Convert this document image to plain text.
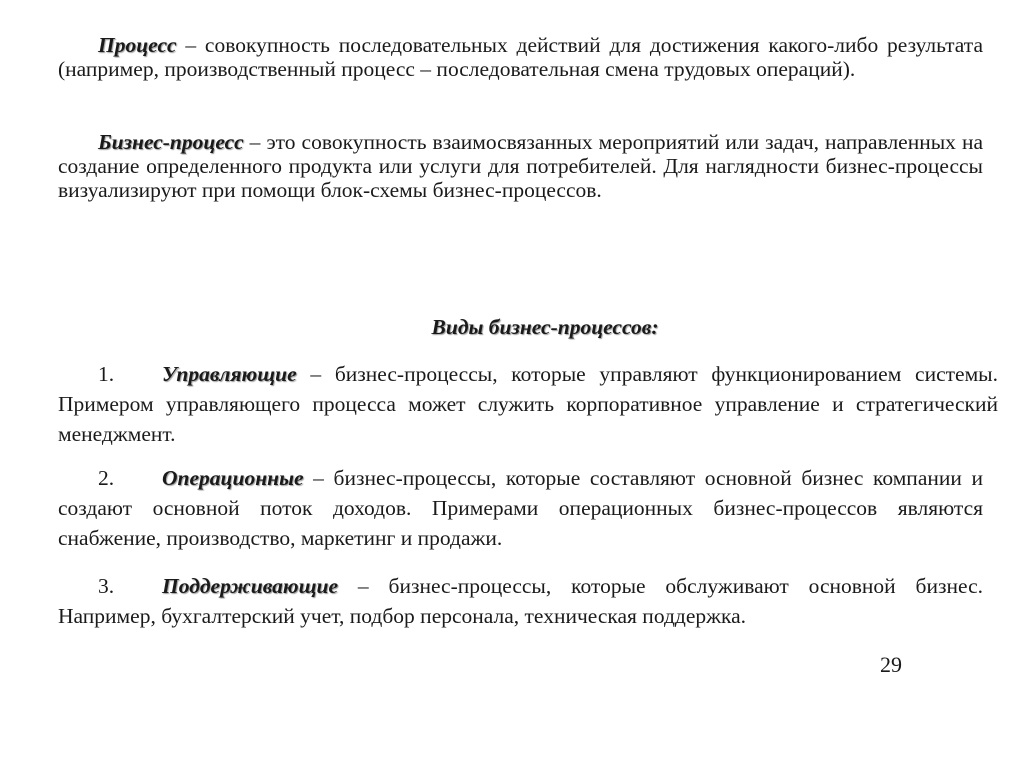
Процесс – совокупность последовательных действий для достижения какого-либо результата (например, производственный процесс – последовательная смена трудовых операций).

Бизнес-процесс – это совокупность взаимосвязанных мероприятий или задач, направленных на создание определенного продукта или услуги для потребителей. Для наглядности бизнес-процессы визуализируют при помощи блок-схемы бизнес-процессов.

Виды бизнес-процессов:

1. Управляющие – бизнес-процессы, которые управляют функционированием системы. Примером управляющего процесса может служить корпоративное управление и стратегический менеджмент.

2. Операционные – бизнес-процессы, которые составляют основной бизнес компании и создают основной поток доходов. Примерами операционных бизнес-процессов являются снабжение, производство, маркетинг и продажи.

3. Поддерживающие – бизнес-процессы, которые обслуживают основной бизнес. Например, бухгалтерский учет, подбор персонала, техническая поддержка.

29
